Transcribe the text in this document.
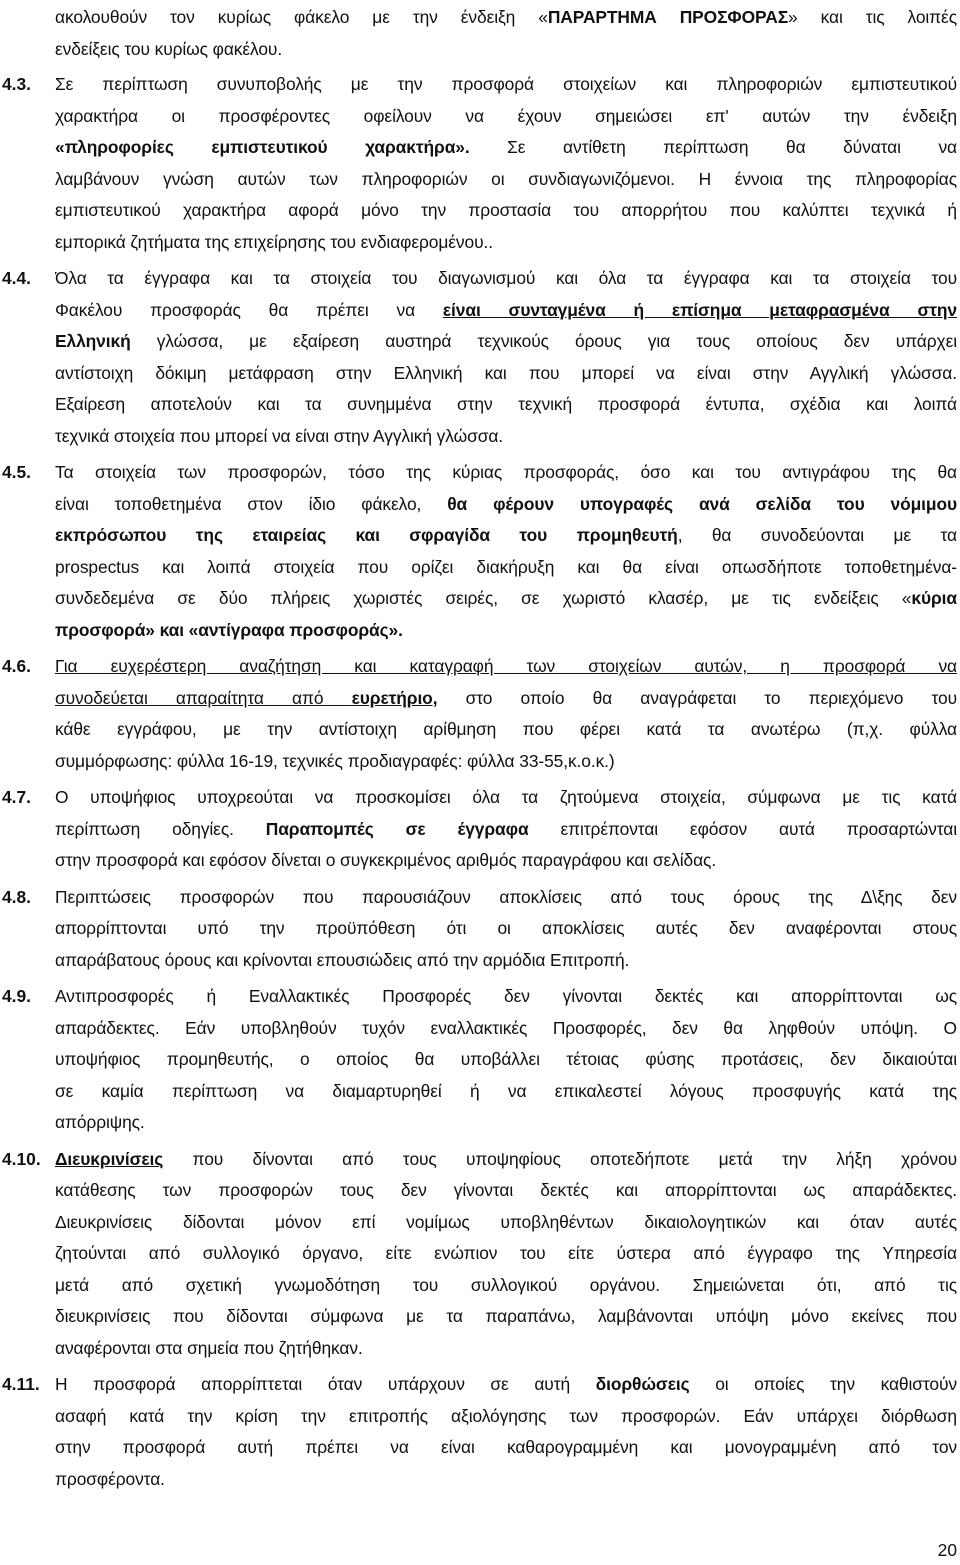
ακολουθούν τον κυρίως φάκελο με την ένδειξη «ΠΑΡΑΡΤΗΜΑ ΠΡΟΣΦΟΡΑΣ» και τις λοιπές
ενδείξεις του κυρίως φακέλου.
4.3. Σε περίπτωση συνυποβολής με την προσφορά στοιχείων και πληροφοριών εμπιστευτικού
χαρακτήρα οι προσφέροντες οφείλουν να έχουν σημειώσει επ' αυτών την ένδειξη
«πληροφορίες εμπιστευτικού χαρακτήρα». Σε αντίθετη περίπτωση θα δύναται να
λαμβάνουν γνώση αυτών των πληροφοριών οι συνδιαγωνιζόμενοι. Η έννοια της πληροφορίας
εμπιστευτικού χαρακτήρα αφορά μόνο την προστασία του απορρήτου που καλύπτει τεχνικά ή
εμπορικά ζητήματα της επιχείρησης του ενδιαφερομένου..
4.4. Όλα τα έγγραφα και τα στοιχεία του διαγωνισμού και όλα τα έγγραφα και τα στοιχεία του
Φακέλου προσφοράς θα πρέπει να είναι συνταγμένα ή επίσημα μεταφρασμένα στην
Ελληνική γλώσσα, με εξαίρεση αυστηρά τεχνικούς όρους για τους οποίους δεν υπάρχει
αντίστοιχη δόκιμη μετάφραση στην Ελληνική και που μπορεί να είναι στην Αγγλική γλώσσα.
Εξαίρεση αποτελούν και τα συνημμένα στην τεχνική προσφορά έντυπα, σχέδια και λοιπά
τεχνικά στοιχεία που μπορεί να είναι στην Αγγλική γλώσσα.
4.5. Τα στοιχεία των προσφορών, τόσο της κύριας προσφοράς, όσο και του αντιγράφου της θα
είναι τοποθετημένα στον ίδιο φάκελο, θα φέρουν υπογραφές ανά σελίδα του νόμιμου
εκπρόσωπου της εταιρείας και σφραγίδα του προμηθευτή, θα συνοδεύονται με τα
prospectus και λοιπά στοιχεία που ορίζει διακήρυξη και θα είναι οπωσδήποτε τοποθετημένα-
συνδεδεμένα σε δύο πλήρεις χωριστές σειρές, σε χωριστό κλασέρ, με τις ενδείξεις «κύρια
προσφορά» και «αντίγραφα προσφοράς».
4.6. Για ευχερέστερη αναζήτηση και καταγραφή των στοιχείων αυτών, η προσφορά να
συνοδεύεται απαραίτητα από ευρετήριο, στο οποίο θα αναγράφεται το περιεχόμενο του
κάθε εγγράφου, με την αντίστοιχη αρίθμηση που φέρει κατά τα ανωτέρω (π,χ. φύλλα
συμμόρφωσης: φύλλα 16-19, τεχνικές προδιαγραφές: φύλλα 33-55,κ.ο.κ.)
4.7. Ο υποψήφιος υποχρεούται να προσκομίσει όλα τα ζητούμενα στοιχεία, σύμφωνα με τις κατά
περίπτωση οδηγίες. Παραπομπές σε έγγραφα επιτρέπονται εφόσον αυτά προσαρτώνται
στην προσφορά και εφόσον δίνεται ο συγκεκριμένος αριθμός παραγράφου και σελίδας.
4.8. Περιπτώσεις προσφορών που παρουσιάζουν αποκλίσεις από τους όρους της Δ\ξης δεν
απορρίπτονται υπό την προϋπόθεση ότι οι αποκλίσεις αυτές δεν αναφέρονται στους
απαράβατους όρους και κρίνονται επουσιώδεις από την αρμόδια Επιτροπή.
4.9. Αντιπροσφορές ή Εναλλακτικές Προσφορές δεν γίνονται δεκτές και απορρίπτονται ως
απαράδεκτες. Εάν υποβληθούν τυχόν εναλλακτικές Προσφορές, δεν θα ληφθούν υπόψη. Ο
υποψήφιος προμηθευτής, ο οποίος θα υποβάλλει τέτοιας φύσης προτάσεις, δεν δικαιούται
σε καμία περίπτωση να διαμαρτυρηθεί ή να επικαλεστεί λόγους προσφυγής κατά της
απόρριψης.
4.10. Διευκρινίσεις που δίνονται από τους υποψηφίους οποτεδήποτε μετά την λήξη χρόνου
κατάθεσης των προσφορών τους δεν γίνονται δεκτές και απορρίπτονται ως απαράδεκτες.
Διευκρινίσεις δίδονται μόνον επί νομίμως υποβληθέντων δικαιολογητικών και όταν αυτές
ζητούνται από συλλογικό όργανο, είτε ενώπιον του είτε ύστερα από έγγραφο της Υπηρεσία
μετά από σχετική γνωμοδότηση του συλλογικού οργάνου. Σημειώνεται ότι, από τις
διευκρινίσεις που δίδονται σύμφωνα με τα παραπάνω, λαμβάνονται υπόψη μόνο εκείνες που
αναφέρονται στα σημεία που ζητήθηκαν.
4.11. Η προσφορά απορρίπτεται όταν υπάρχουν σε αυτή διορθώσεις οι οποίες την καθιστούν
ασαφή κατά την κρίση την επιτροπής αξιολόγησης των προσφορών. Εάν υπάρχει διόρθωση
στην προσφορά αυτή πρέπει να είναι καθαρογραμμένη και μονογραμμένη από τον
προσφέροντα.
20
